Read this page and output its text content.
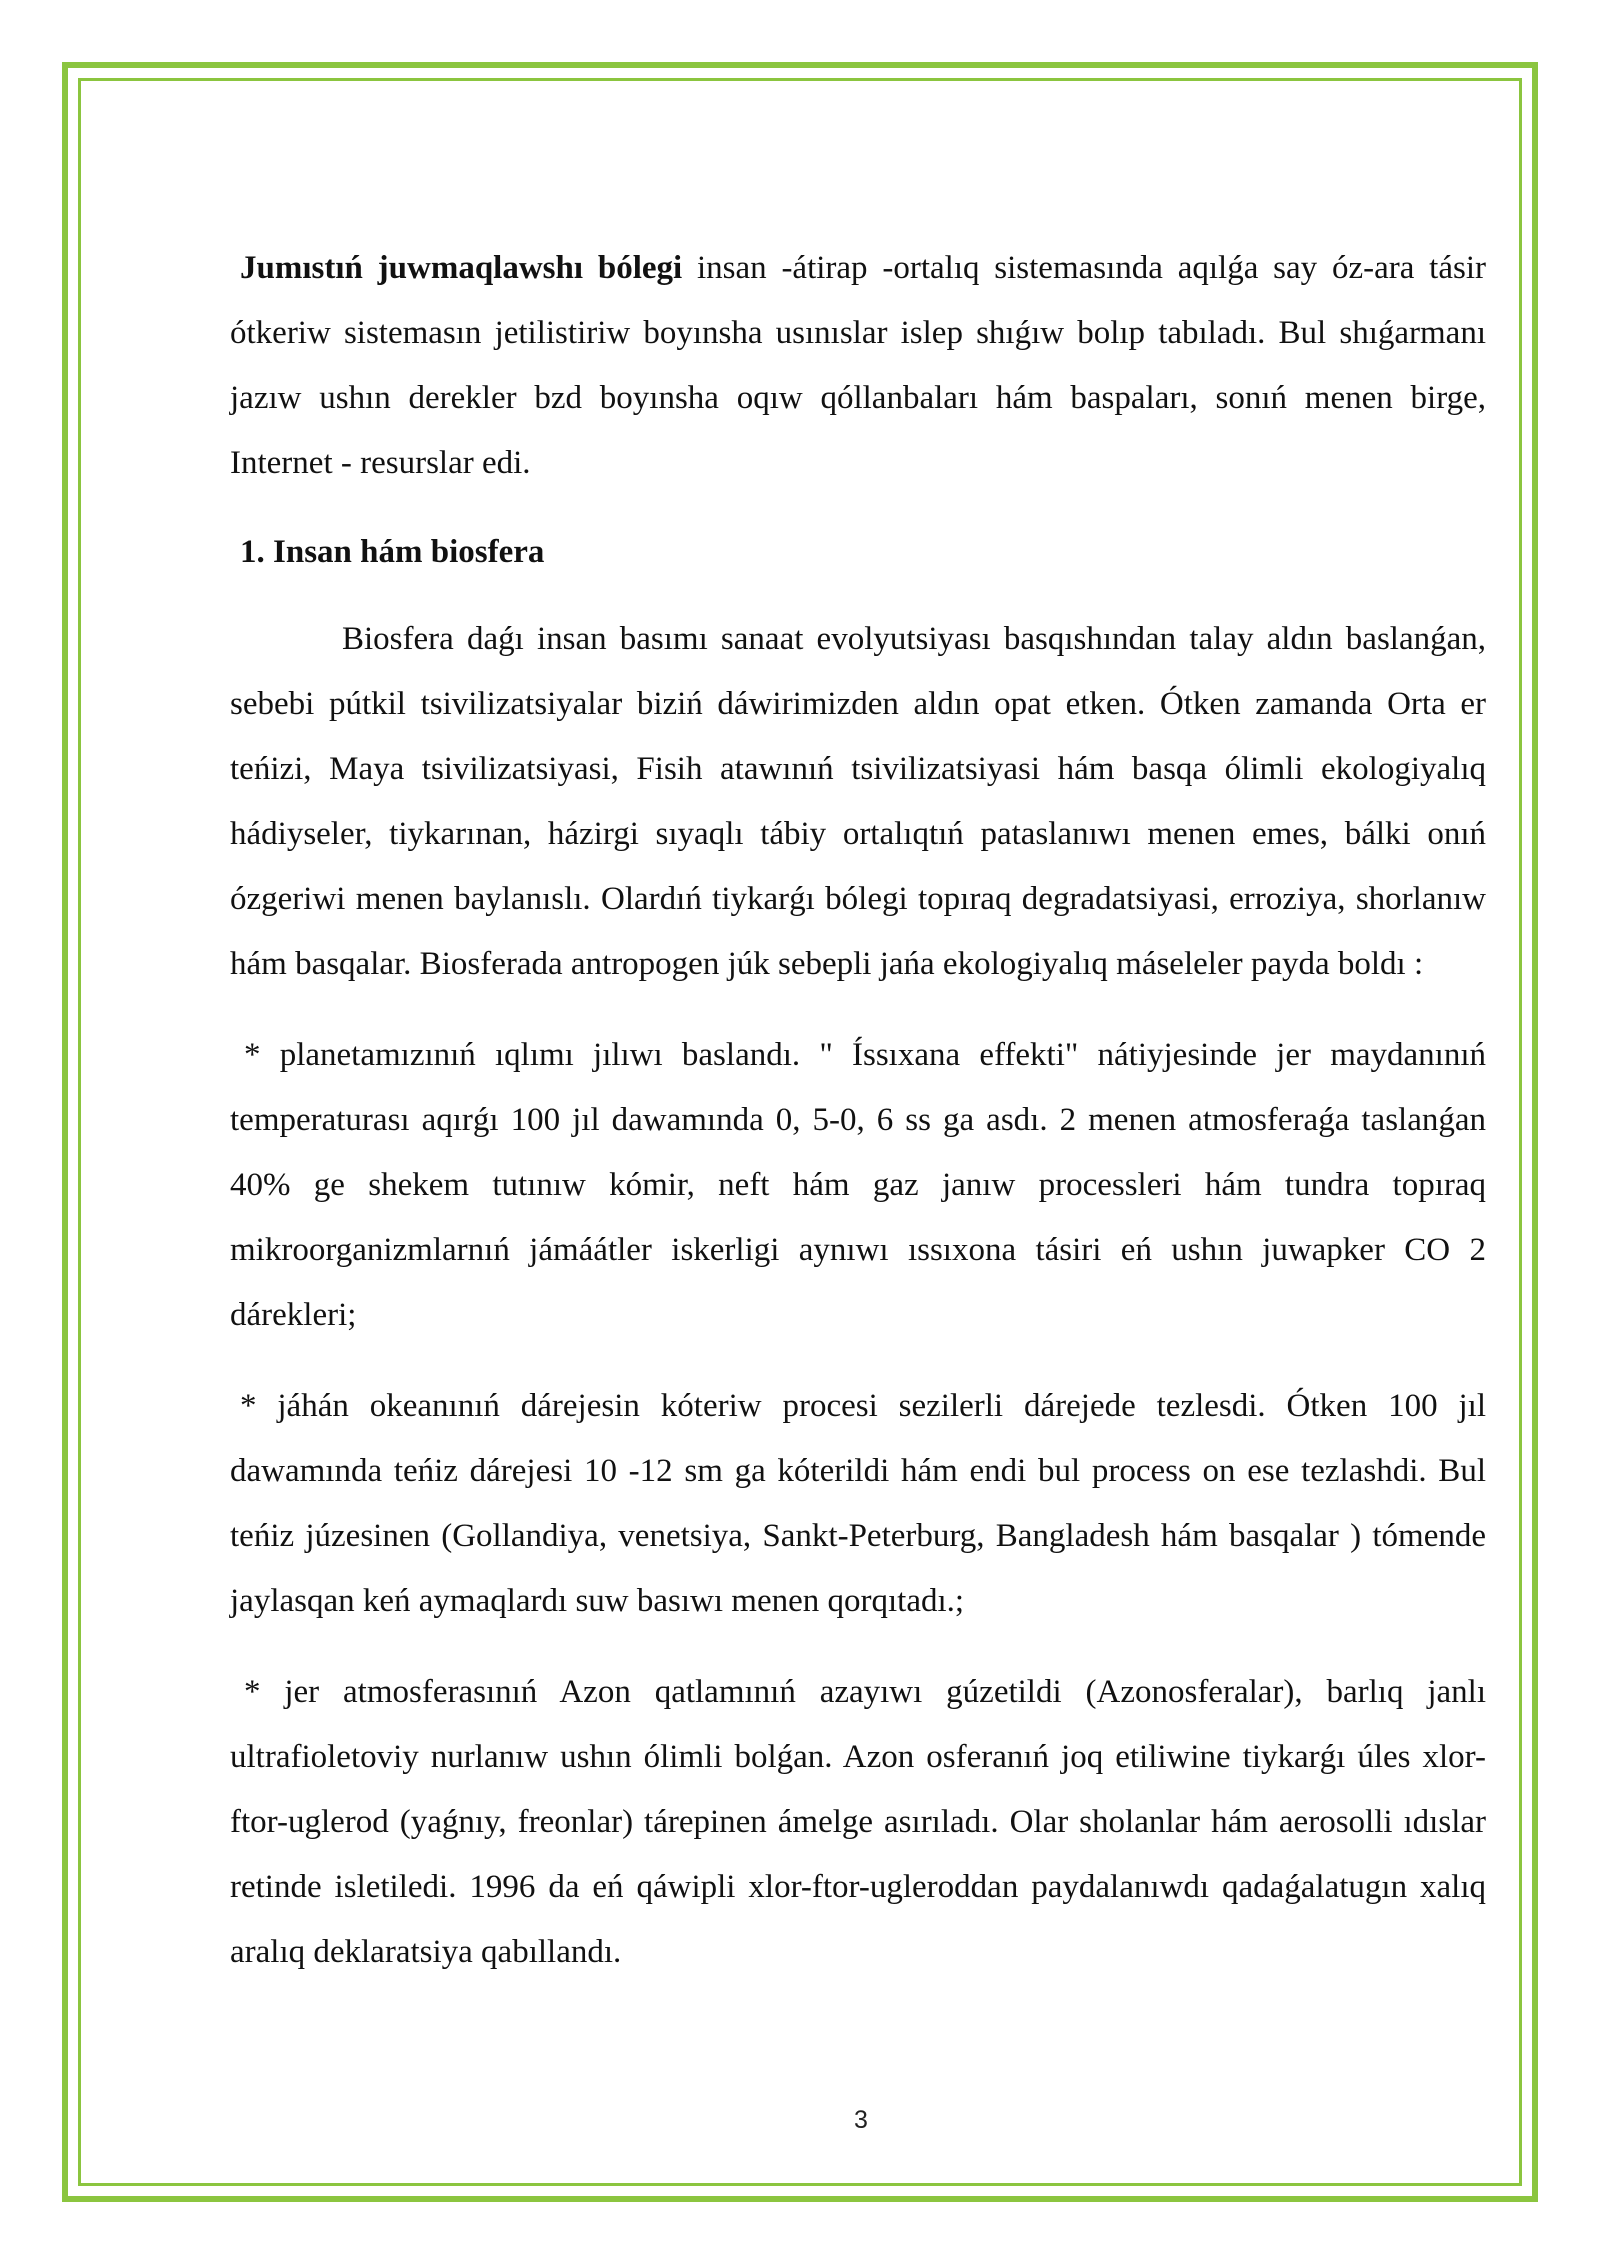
Jumıstıń juwmaqlawshı bólegi insan -átirap -ortalıq sistemasında aqılǵa say óz-ara tásir ótkeriw sistemasın jetilistiriw boyınsha usınıslar islep shıǵıw bolıp tabıladı. Bul shıǵarmanı jazıw ushın derekler bzd boyınsha oqıw qóllanbaları hám baspaları, sonıń menen birge, Internet - resurslar edi.

1. Insan hám biosfera

Biosfera daǵı insan basımı sanaat evolyutsiyası basqıshından talay aldın baslanǵan, sebebi pútkil tsivilizatsiyalar biziń dáwirimizden aldın opat etken. Ótken zamanda Orta er teńizi, Maya tsivilizatsiyasi, Fisih atawınıń tsivilizatsiyasi hám basqa ólimli ekologiyalıq hádiyseler, tiykarınan, házirgi sıyaqlı tábiy ortalıqtıń pataslanıwı menen emes, bálki onıń ózgeriwi menen baylanıslı. Olardıń tiykarǵı bólegi topıraq degradatsiyasi, erroziya, shorlanıw hám basqalar. Biosferada antropogen júk sebepli jańa ekologiyalıq máseleler payda boldı :

* planetamızınıń ıqlımı jılıwı baslandı. " Íssıxana effekti" nátiyjesinde jer maydanınıń temperaturası aqırǵı 100 jıl dawamında 0, 5-0, 6 ss ga asdı. 2 menen atmosferaǵa taslanǵan 40% ge shekem tutınıw kómir, neft hám gaz janıw processleri hám tundra topıraq mikroorganizmlarnıń jámáátler iskerligi aynıwı ıssıxona tásiri eń ushın juwapker CO 2 dárekleri;

* jáhán okeanınıń dárejesin kóteriw procesi sezilerli dárejede tezlesdi. Ótken 100 jıl dawamında teńiz dárejesi 10 -12 sm ga kóterildi hám endi bul process on ese tezlashdi. Bul teńiz júzesinen (Gollandiya, venetsiya, Sankt-Peterburg, Bangladesh hám basqalar ) tómende jaylasqan keń aymaqlardı suw basıwı menen qorqıtadı.;

* jer atmosferasınıń Azon qatlamınıń azayıwı gúzetildi (Azonosferalar), barlıq janlı ultrafioletoviy nurlanıw ushın ólimli bolǵan. Azon osferanıń joq etiliwine tiykarǵı úles xlor-ftor-uglerod (yaǵnıy, freonlar) tárepinen ámelge asırıladı. Olar sholanlar hám aerosolli ıdıslar retinde isletiledi. 1996 da eń qáwipli xlor-ftor-ugleroddan paydalanıwdı qadaǵalatugın xalıq aralıq deklaratsiya qabıllandı.

3
